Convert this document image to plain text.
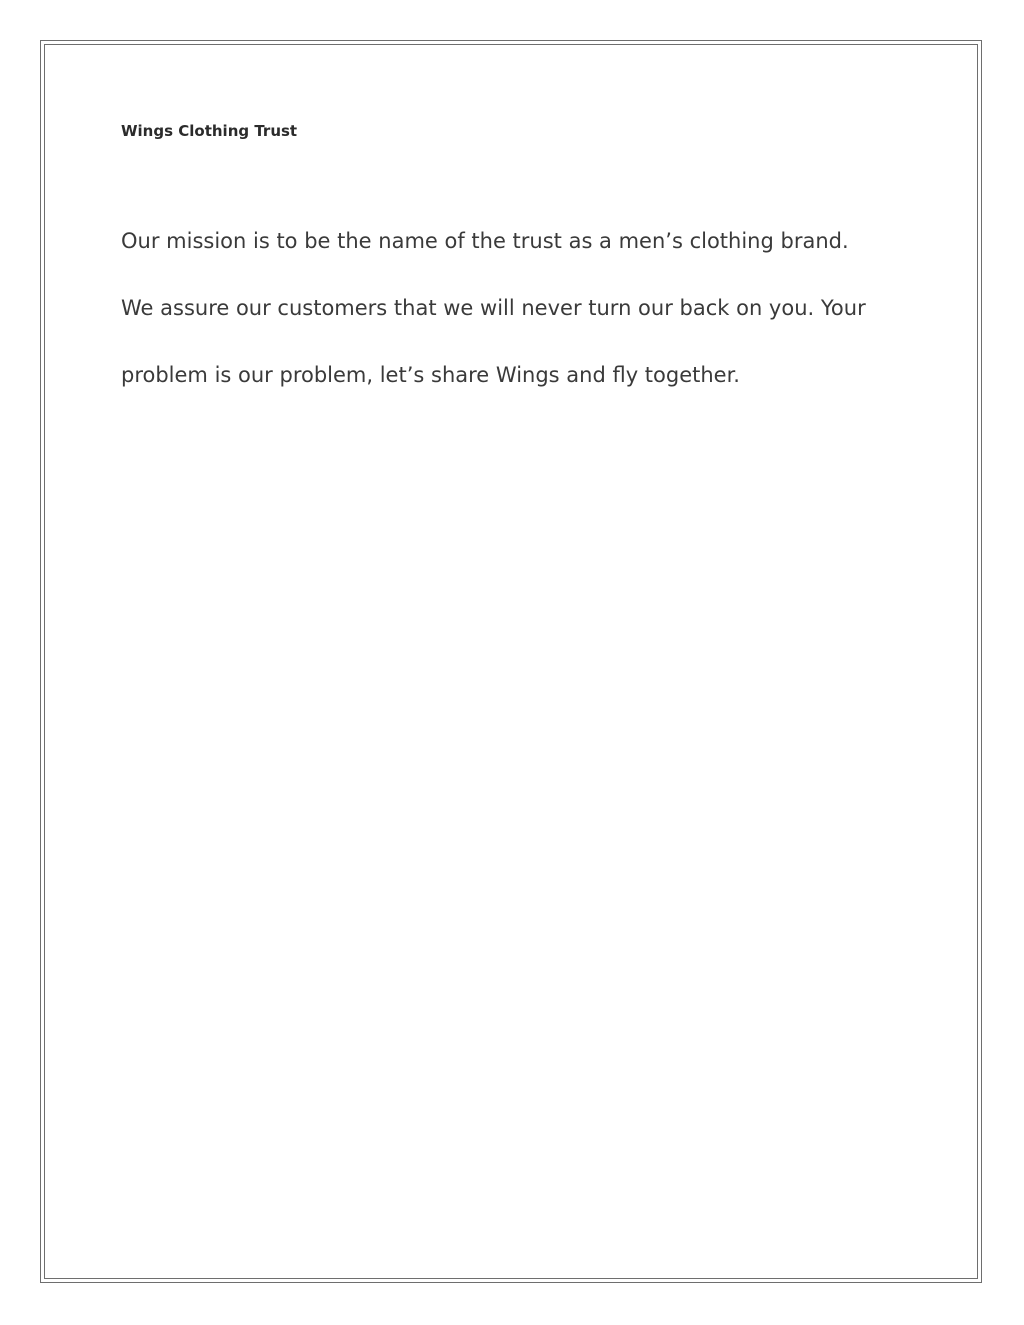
Wings Clothing Trust

Our mission is to be the name of the trust as a men’s clothing brand.

We assure our customers that we will never turn our back on you. Your

problem is our problem, let’s share Wings and fly together.
